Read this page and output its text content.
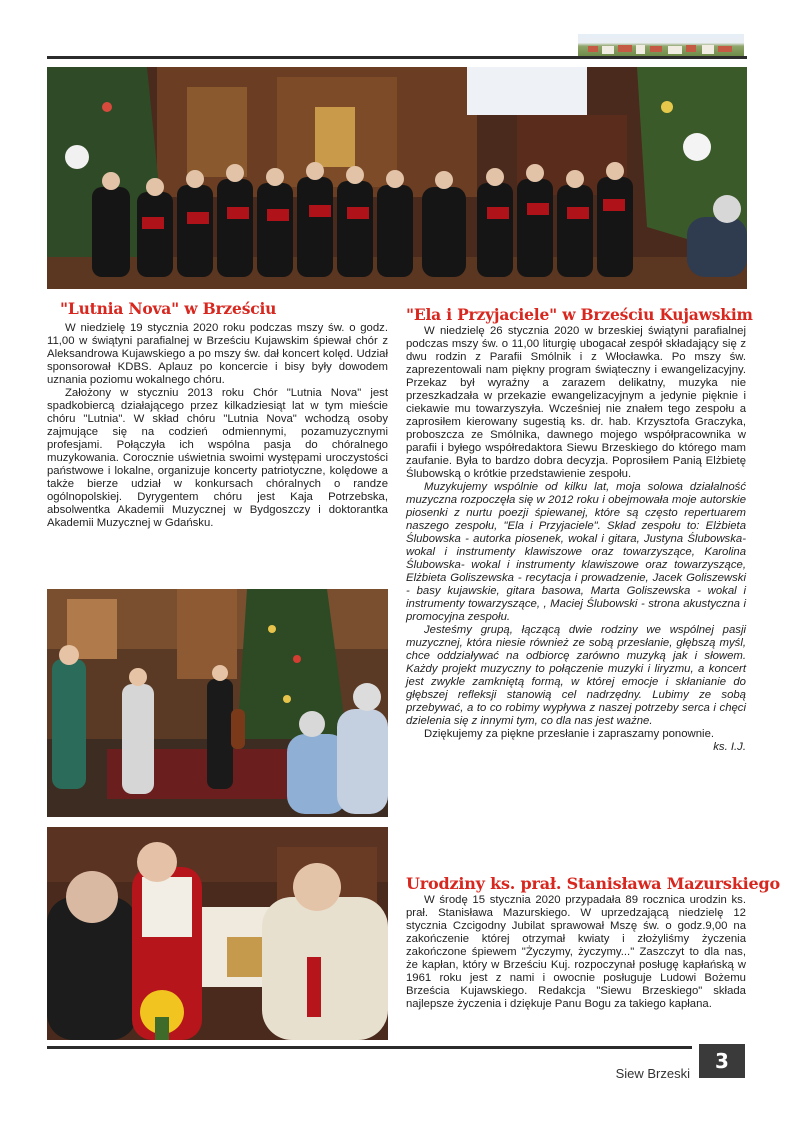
"Lutnia Nova" w Brześciu

W niedzielę 19 stycznia 2020 roku podczas mszy św. o godz. 11,00 w świątyni parafialnej w Brześciu Kujawskim śpiewał chór z Aleksandrowa Kujawskiego a po mszy św. dał koncert kolęd. Udział sponsorował KDBS. Aplauz po koncercie i bisy były dowodem uznania poziomu wokalnego chóru.

Założony w styczniu 2013 roku Chór "Lutnia Nova" jest spadkobiercą działającego przez kilkadziesiąt lat w tym mieście chóru "Lutnia". W skład chóru "Lutnia Nova" wchodzą osoby zajmujące się na codzień odmiennymi, pozamuzycznymi profesjami. Połączyła ich wspólna pasja do chóralnego muzykowania. Corocznie uświetnia swoimi występami uroczystości państwowe i lokalne, organizuje koncerty patriotyczne, kolędowe a także bierze udział w konkursach chóralnych o randze ogólnopolskiej. Dyrygentem chóru jest Kaja Potrzebska, absolwentka Akademii Muzycznej w Bydgoszczy i doktorantka Akademii Muzycznej w Gdańsku.

"Ela i Przyjaciele" w Brześciu Kujawskim

W niedzielę 26 stycznia 2020 w brzeskiej świątyni parafialnej podczas mszy św. o 11,00 liturgię ubogacał zespół składający się z dwu rodzin z Parafii Smólnik i z Włocławka. Po mszy św. zaprezentowali nam piękny program świąteczny i ewangelizacyjny. Przekaz był wyraźny a zarazem delikatny, muzyka nie przeszkadzała w przekazie ewangelizacyjnym a jedynie pięknie i ciekawie mu towarzyszyła. Wcześniej nie znałem tego zespołu a zaprosiłem kierowany sugestią ks. dr. hab. Krzysztofa Graczyka, proboszcza ze Smólnika, dawnego mojego współpracownika w parafii i byłego współredaktora Siewu Brzeskiego do którego mam zaufanie. Była to bardzo dobra decyzja. Poprosiłem Panią Elżbietę Ślubowską o krótkie przedstawienie zespołu.

Muzykujemy wspólnie od kilku lat, moja solowa działalność muzyczna rozpoczęła się w 2012 roku i obejmowała moje autorskie piosenki z nurtu poezji śpiewanej, które są często repertuarem naszego zespołu, "Ela i Przyjaciele". Skład zespołu to: Elżbieta Ślubowska - autorka piosenek, wokal i gitara, Justyna Ślubowska- wokal i instrumenty klawiszowe oraz towarzyszące, Karolina Ślubowska- wokal i instrumenty klawiszowe oraz towarzyszące, Elżbieta Goliszewska - recytacja i prowadzenie, Jacek Goliszewski - basy kujawskie, gitara basowa, Marta Goliszewska - wokal i instrumenty towarzyszące, , Maciej Ślubowski - strona akustyczna i promocyjna zespołu.

Jesteśmy grupą, łączącą dwie rodziny we wspólnej pasji muzycznej, która niesie również ze sobą przesłanie, głębszą myśl, chce oddziaływać na odbiorcę zarówno muzyką jak i słowem. Każdy projekt muzyczny to połączenie muzyki i liryzmu, a koncert jest zwykle zamkniętą formą, w której emocje i skłanianie do głębszej refleksji stanowią cel nadrzędny. Lubimy ze sobą przebywać, a to co robimy wypływa z naszej potrzeby serca i chęci dzielenia się z innymi tym, co dla nas jest ważne.

Dziękujemy za piękne przesłanie i zapraszamy ponownie.

ks. I.J.
Urodziny ks. prał. Stanisława Mazurskiego

W środę 15 stycznia 2020 przypadała 89 rocznica urodzin ks. prał. Stanisława Mazurskiego. W uprzedzającą niedzielę 12 stycznia Czcigodny Jubilat sprawował Mszę św. o godz.9,00 na zakończenie której otrzymał kwiaty i złożyliśmy życzenia zakończone śpiewem "Życzymy, życzymy..." Zaszczyt to dla nas, że kapłan, który w Brześciu Kuj. rozpoczynał posługę kapłańską w 1961 roku jest z nami i owocnie posługuje Ludowi Bożemu Brześcia Kujawskiego. Redakcja "Siewu Brzeskiego" składa najlepsze życzenia i dziękuje Panu Bogu za takiego kapłana.

Siew Brzeski
3
